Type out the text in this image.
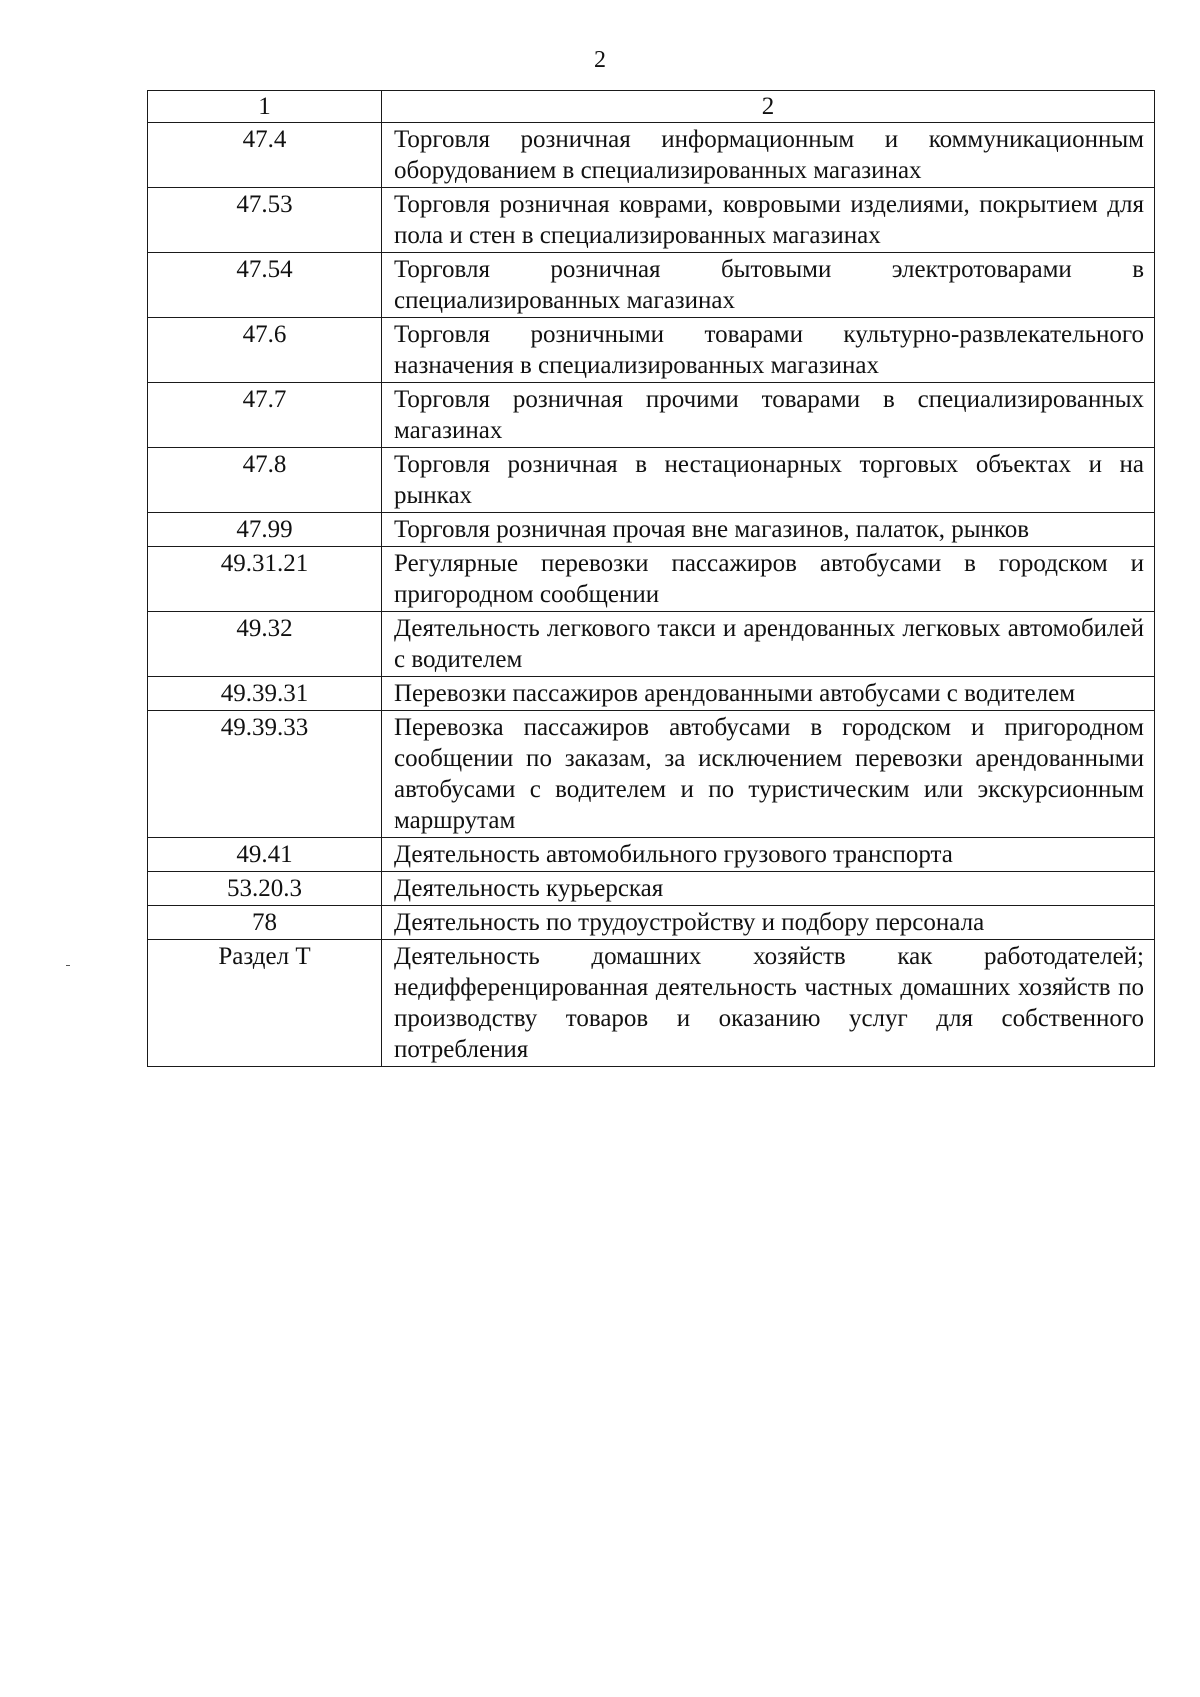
2
1	2
47.4	Торговля розничная информационным и коммуникационным оборудованием в специализированных магазинах
47.53	Торговля розничная коврами, ковровыми изделиями, покрытием для пола и стен в специализированных магазинах
47.54	Торговля розничная бытовыми электротоварами в специализированных магазинах
47.6	Торговля розничными товарами культурно-развлекательного назначения в специализированных магазинах
47.7	Торговля розничная прочими товарами в специализированных магазинах
47.8	Торговля розничная в нестационарных торговых объектах и на рынках
47.99	Торговля розничная прочая вне магазинов, палаток, рынков
49.31.21	Регулярные перевозки пассажиров автобусами в городском и пригородном сообщении
49.32	Деятельность легкового такси и арендованных легковых автомобилей с водителем
49.39.31	Перевозки пассажиров арендованными автобусами с водителем
49.39.33	Перевозка пассажиров автобусами в городском и пригородном сообщении по заказам, за исключением перевозки арендованными автобусами с водителем и по туристическим или экскурсионным маршрутам
49.41	Деятельность автомобильного грузового транспорта
53.20.3	Деятельность курьерская
78	Деятельность по трудоустройству и подбору персонала
Раздел T	Деятельность домашних хозяйств как работодателей; недифференцированная деятельность частных домашних хозяйств по производству товаров и оказанию услуг для собственного потребления
